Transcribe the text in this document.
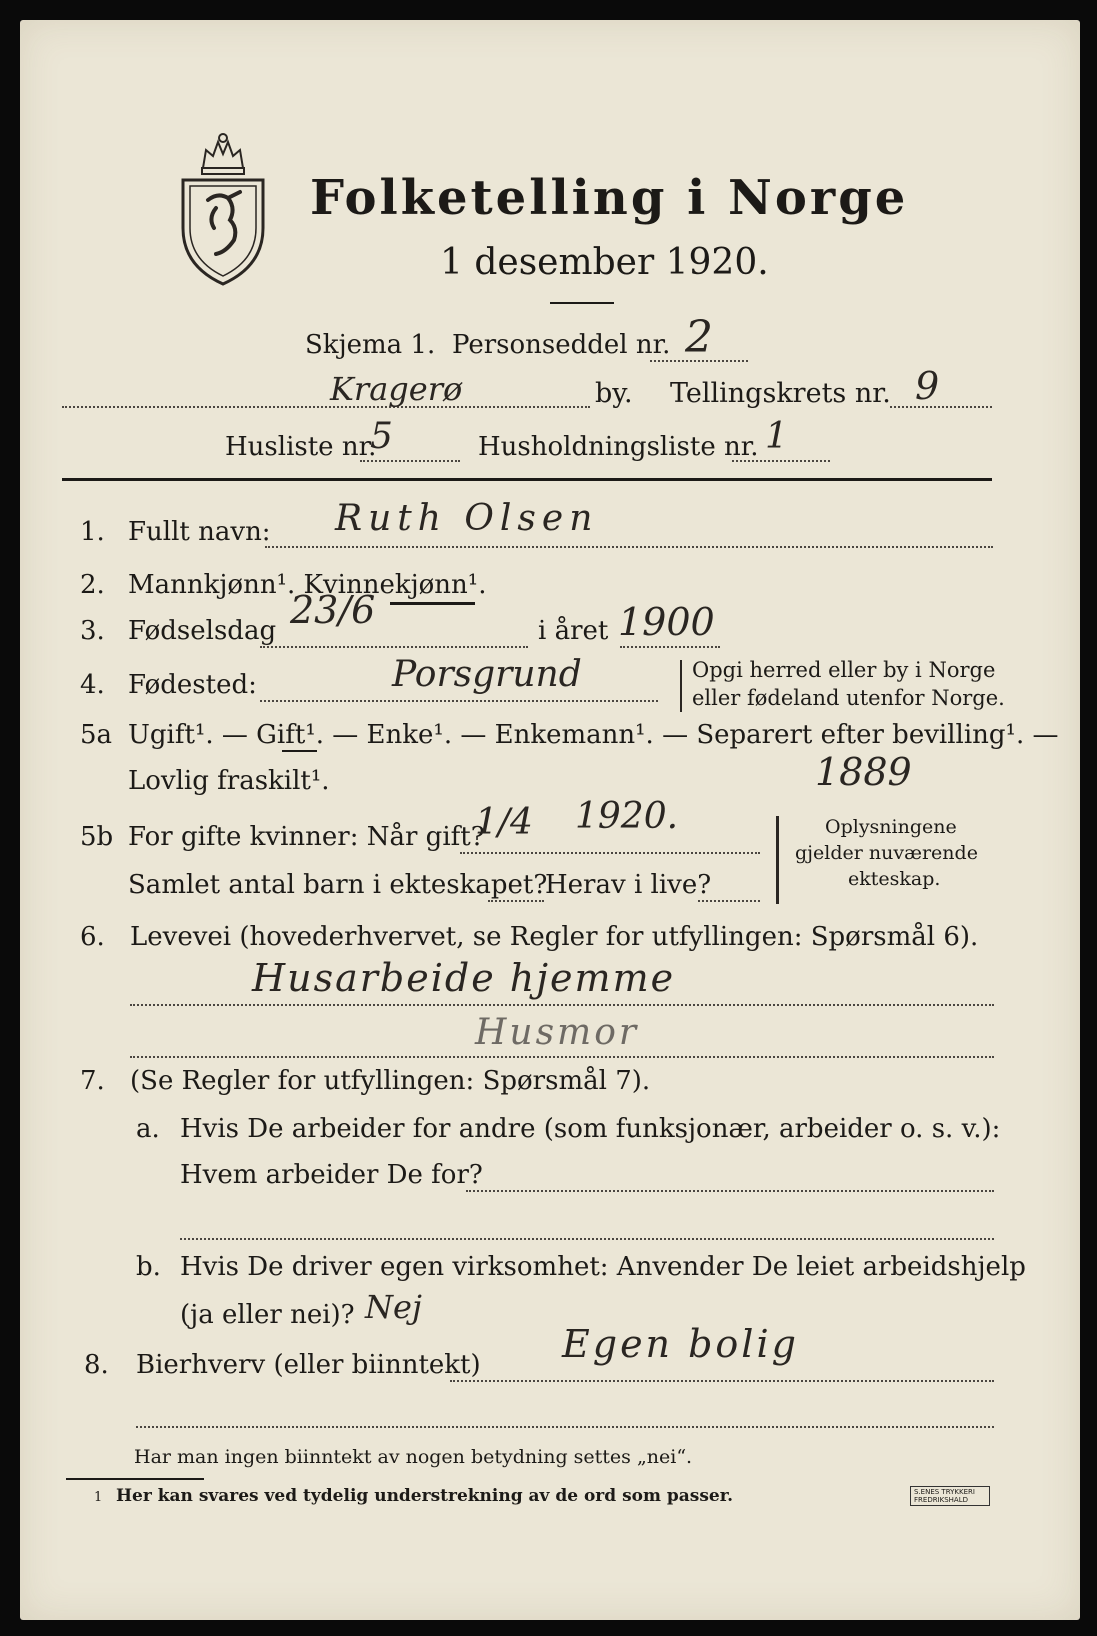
Folketelling i Norge
1 desember 1920.
Skjema 1. Personseddel nr. 2
Kragerø	by. Tellingskrets nr. 9
Husliste nr.
5	Husholdningsliste nr. 1
1. Fullt navn: Ruth Olsen
2. Mannkjønn¹. Kvinnekjønn¹.
3. Fødselsdag 23/6	i året 1900
4. Fødested:	Porsgrund	Opgi herred eller by i Norge
eller fødeland utenfor Norge.
5a Ugift¹. — Gift¹. — Enke¹. — Enkemann¹. — Separert efter bevilling¹. —
Lovlig fraskilt¹.	1889
5b For gifte kvinner: Når gift?
1/4 1920.
Samlet antal barn i ekteskapet?
Herav i live?
Oplysningene
gjelder nuværende
ekteskap.
6. Levevei (hovederhvervet, se Regler for utfyllingen: Spørsmål 6).
Husarbeide hjemme
Husmor
7. (Se Regler for utfyllingen: Spørsmål 7).
a. Hvis De arbeider for andre (som funksjonær, arbeider o. s. v.):
Hvem arbeider De for?
b. Hvis De driver egen virksomhet: Anvender De leiet arbeidshjelp
(ja eller nei)? Nej
8. Bierhverv (eller biinntekt) Egen bolig
Har man ingen biinntekt av nogen betydning settes „nei“.
1 Her kan svares ved tydelig understrekning av de ord som passer.	S.ENES TRYKKERI FREDRIKSHALD
